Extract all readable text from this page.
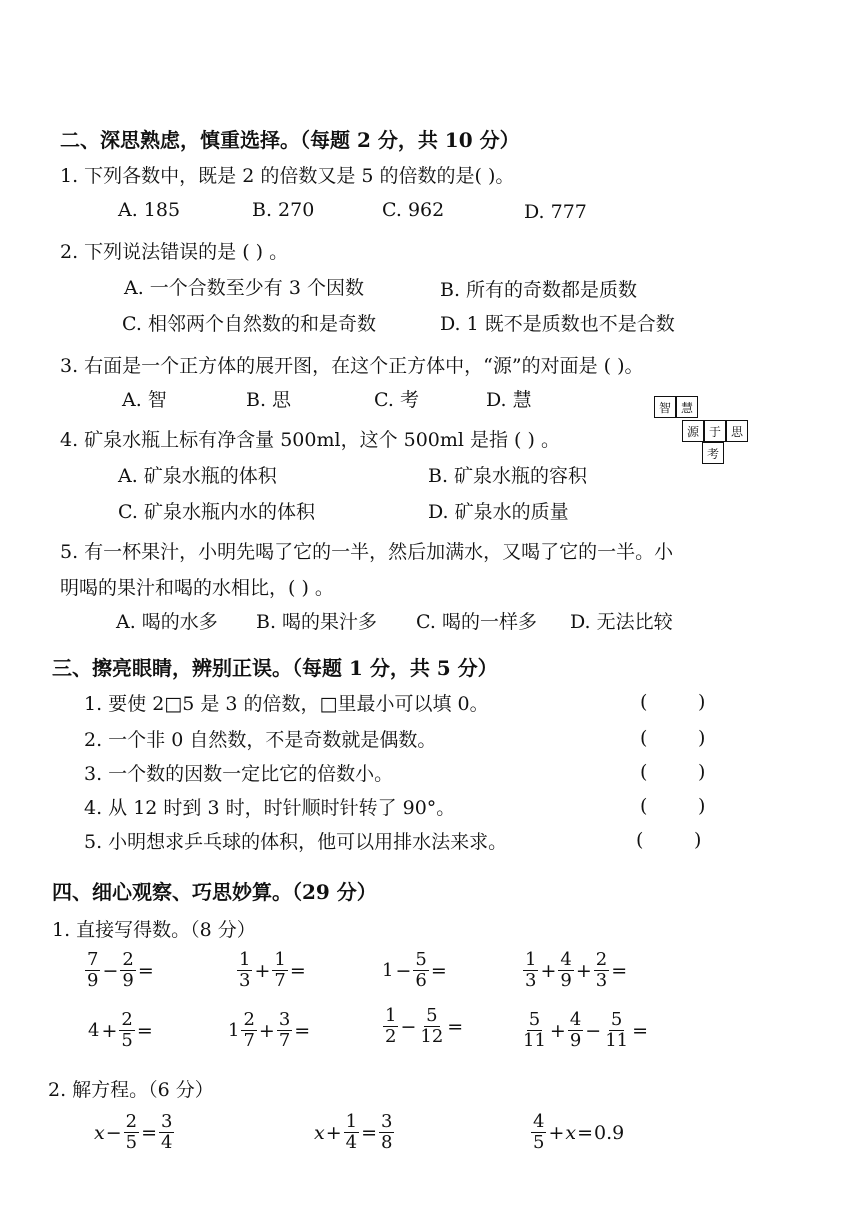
二、深思熟虑，慎重选择。（每题 2 分，共 10 分）
1. 下列各数中，既是 2 的倍数又是 5 的倍数的是( )。
A. 185	B. 270	C. 962	D. 777
2. 下列说法错误的是 ( ) 。
A. 一个合数至少有 3 个因数	B. 所有的奇数都是质数
C. 相邻两个自然数的和是奇数	D. 1 既不是质数也不是合数
3. 右面是一个正方体的展开图，在这个正方体中，“源”的对面是 ( )。
A. 智	B. 思	C. 考	D. 慧	智 慧
源 于 思
考
4. 矿泉水瓶上标有净含量 500ml，这个 500ml 是指 ( ) 。
A. 矿泉水瓶的体积	B. 矿泉水瓶的容积
C. 矿泉水瓶内水的体积	D. 矿泉水的质量
5. 有一杯果汁，小明先喝了它的一半，然后加满水，又喝了它的一半。小
明喝的果汁和喝的水相比，( ) 。
A. 喝的水多 B. 喝的果汁多 C. 喝的一样多 D. 无法比较
三、擦亮眼睛，辨别正误。（每题 1 分，共 5 分）
1. 要使 2□5 是 3 的倍数，□里最小可以填 0。	(	)
2. 一个非 0 自然数，不是奇数就是偶数。	(	)
3. 一个数的因数一定比它的倍数小。	(	)
4. 从 12 时到 3 时，时针顺时针转了 90°。	(	)
5. 小明想求乒乓球的体积，他可以用排水法来求。	(	)
四、细心观察、巧思妙算。（29 分）
1. 直接写得数。（8 分）
$\frac{7}{9} - \frac{2}{9}$ =	$\frac{1}{3} + \frac{1}{7}$ =	$1 - \frac{5}{6}$ =	$\frac{1}{3} + \frac{4}{9} + \frac{2}{3}$ =
$4 + \frac{2}{5}$ =	$1 \frac{2}{7} + \frac{3}{7}$ =	$\frac{1}{2} - \frac{5}{12}$ =	$\frac{5}{11} + \frac{4}{9} - \frac{5}{11}$ =
2. 解方程。（6 分）
$x - \frac{2}{5} = \frac{3}{4}$	$x + \frac{1}{4} = \frac{3}{8}$	$\frac{4}{5} + x = 0.9$
